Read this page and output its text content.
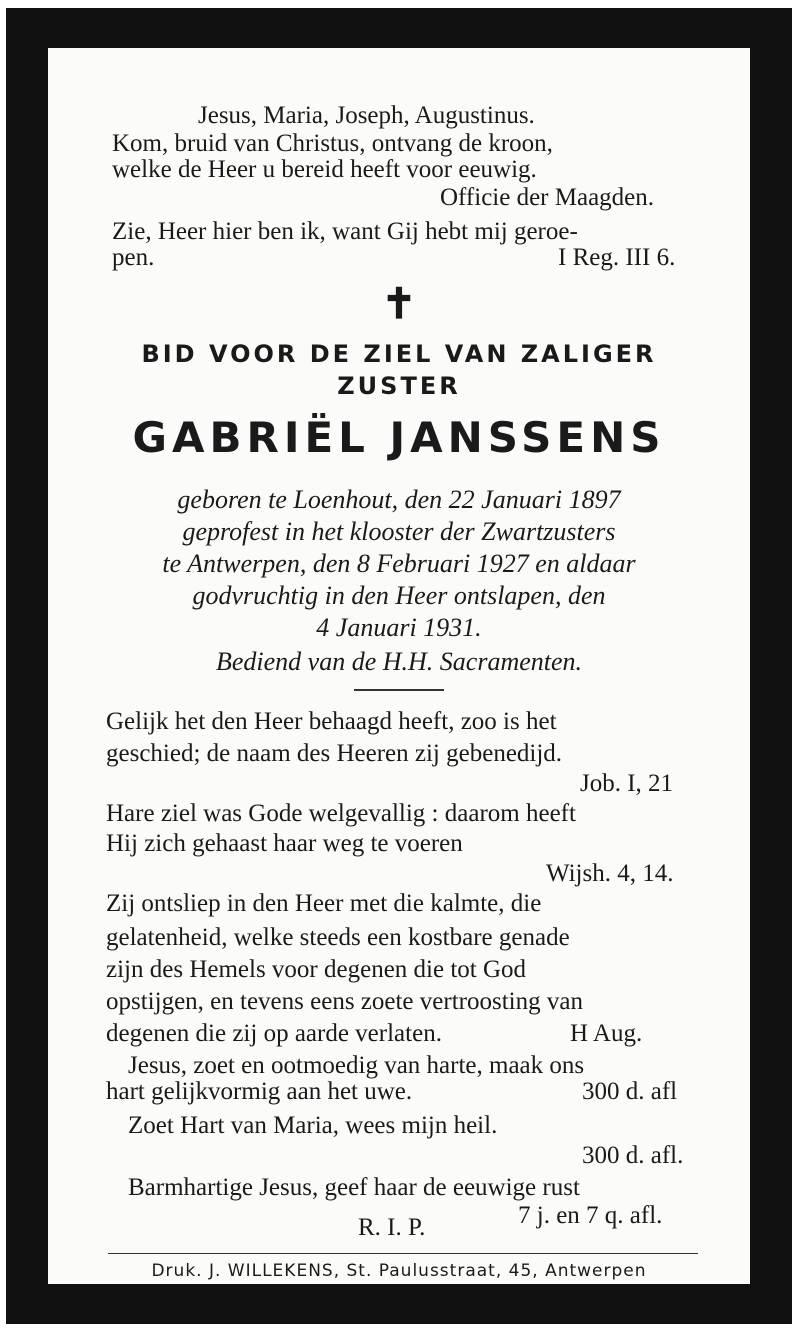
Jesus, Maria, Joseph, Augustinus.
Kom, bruid van Christus, ontvang de kroon,
welke de Heer u bereid heeft voor eeuwig.
Officie der Maagden.
Zie, Heer hier ben ik, want Gij hebt mij geroe-
pen.	I Reg. III 6.
✝
BID VOOR DE ZIEL VAN ZALIGER
ZUSTER
GABRIËL JANSSENS
geboren te Loenhout, den 22 Januari 1897
geprofest in het klooster der Zwartzusters
te Antwerpen, den 8 Februari 1927 en aldaar
godvruchtig in den Heer ontslapen, den
4 Januari 1931.
Bediend van de H.H. Sacramenten.
Gelijk het den Heer behaagd heeft, zoo is het
geschied; de naam des Heeren zij gebenedijd.
Job. I, 21
Hare ziel was Gode welgevallig : daarom heeft
Hij zich gehaast haar weg te voeren
Wijsh. 4, 14.
Zij ontsliep in den Heer met die kalmte, die
gelatenheid, welke steeds een kostbare genade
zijn des Hemels voor degenen die tot God
opstijgen, en tevens eens zoete vertroosting van
degenen die zij op aarde verlaten.	H Aug.
Jesus, zoet en ootmoedig van harte, maak ons
hart gelijkvormig aan het uwe.	300 d. afl
Zoet Hart van Maria, wees mijn heil.
300 d. afl.
Barmhartige Jesus, geef haar de eeuwige rust
7 j. en 7 q. afl.
R. I. P.
Druk. J. WILLEKENS, St. Paulusstraat, 45, Antwerpen
